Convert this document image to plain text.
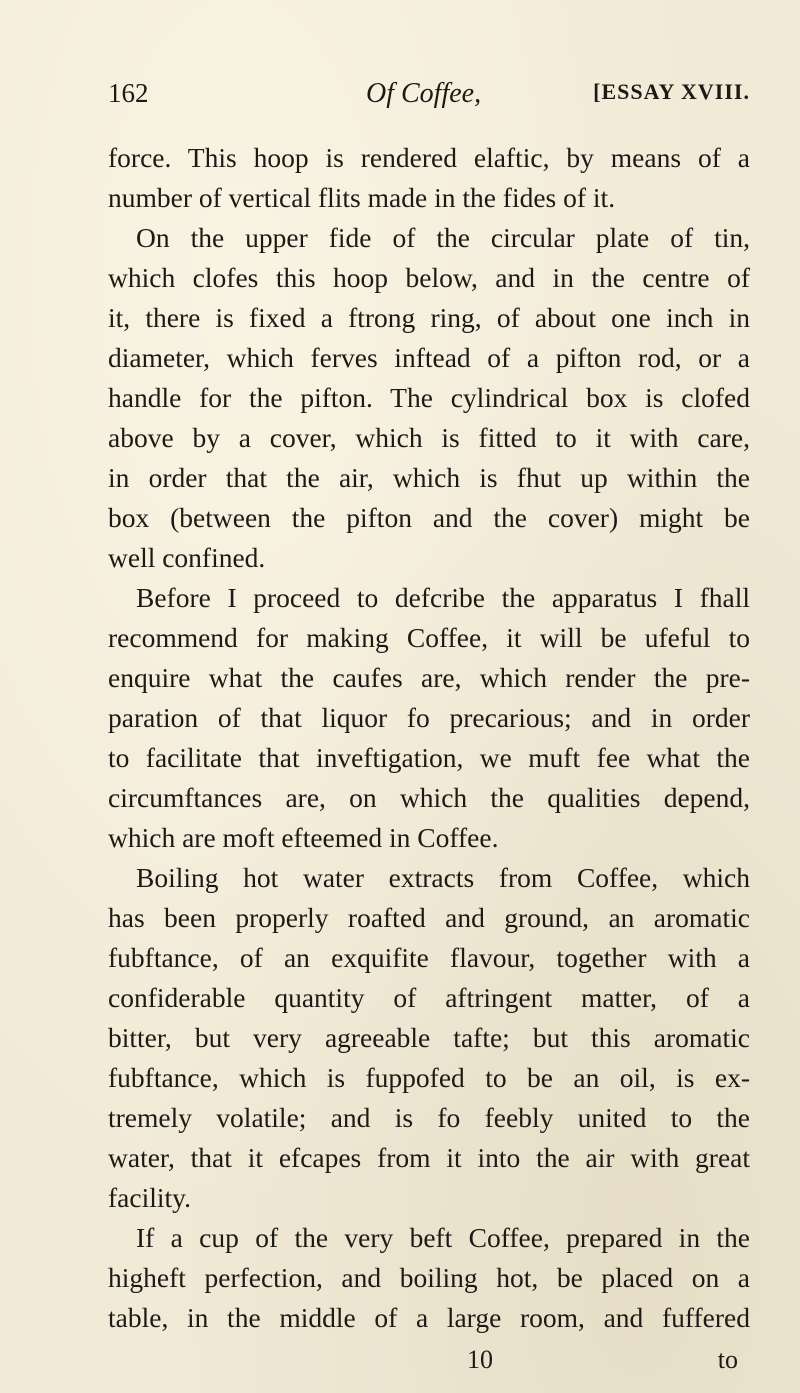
162	Of Coffee,	[ESSAY XVIII.
force. This hoop is rendered elaftic, by means of a
number of vertical flits made in the fides of it.
On the upper fide of the circular plate of tin,
which clofes this hoop below, and in the centre of
it, there is fixed a ftrong ring, of about one inch in
diameter, which ferves inftead of a pifton rod, or a
handle for the pifton. The cylindrical box is clofed
above by a cover, which is fitted to it with care,
in order that the air, which is fhut up within the
box (between the pifton and the cover) might be
well confined.
Before I proceed to defcribe the apparatus I fhall
recommend for making Coffee, it will be ufeful to
enquire what the caufes are, which render the pre-
paration of that liquor fo precarious; and in order
to facilitate that inveftigation, we muft fee what the
circumftances are, on which the qualities depend,
which are moft efteemed in Coffee.
Boiling hot water extracts from Coffee, which
has been properly roafted and ground, an aromatic
fubftance, of an exquifite flavour, together with a
confiderable quantity of aftringent matter, of a
bitter, but very agreeable tafte; but this aromatic
fubftance, which is fuppofed to be an oil, is ex-
tremely volatile; and is fo feebly united to the
water, that it efcapes from it into the air with great
facility.
If a cup of the very beft Coffee, prepared in the
higheft perfection, and boiling hot, be placed on a
table, in the middle of a large room, and fuffered
10	to
